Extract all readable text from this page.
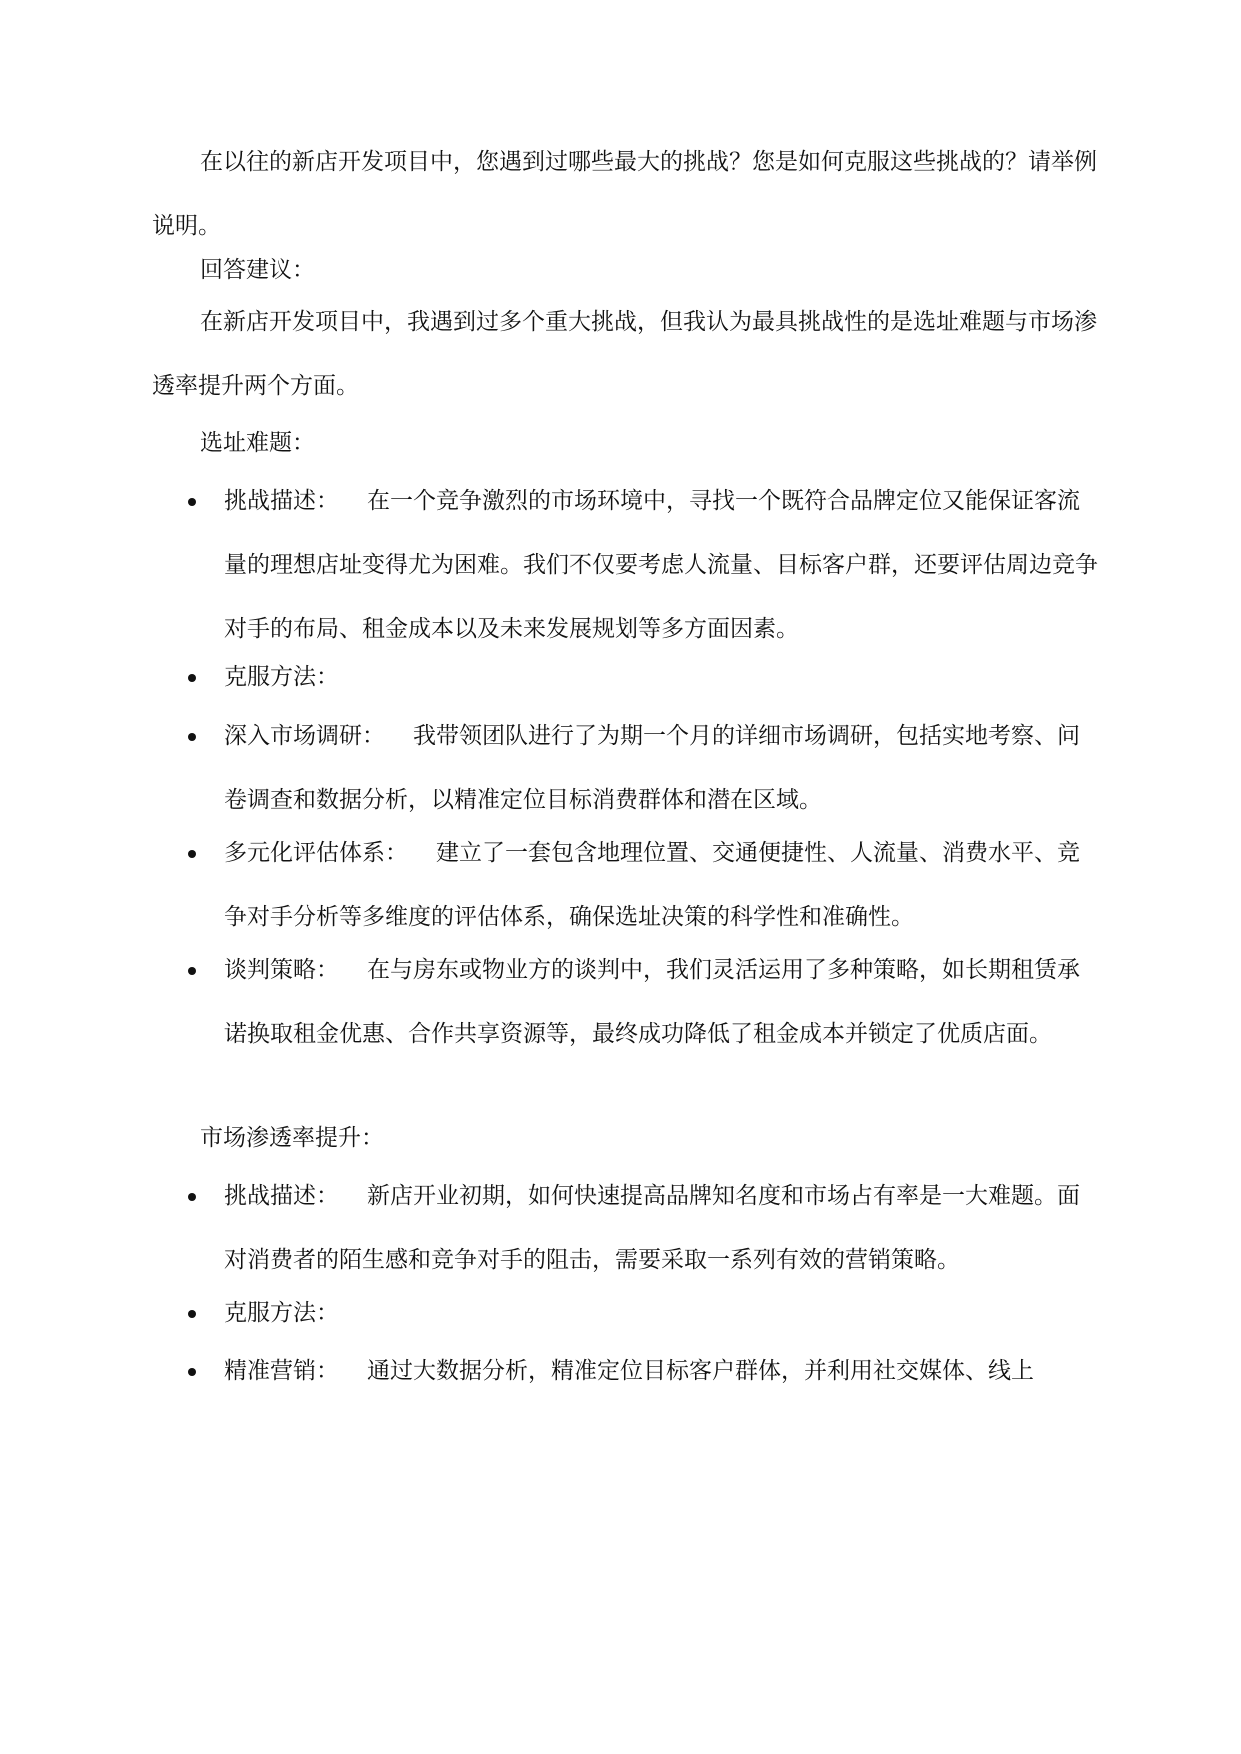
在以往的新店开发项目中，您遇到过哪些最大的挑战？您是如何克服这些挑战的？请举例说明。

回答建议：

在新店开发项目中，我遇到过多个重大挑战，但我认为最具挑战性的是选址难题与市场渗透率提升两个方面。

选址难题：

挑战描述： 在一个竞争激烈的市场环境中，寻找一个既符合品牌定位又能保证客流量的理想店址变得尤为困难。我们不仅要考虑人流量、目标客户群，还要评估周边竞争对手的布局、租金成本以及未来发展规划等多方面因素。

克服方法：

深入市场调研： 我带领团队进行了为期一个月的详细市场调研，包括实地考察、问卷调查和数据分析，以精准定位目标消费群体和潜在区域。

多元化评估体系： 建立了一套包含地理位置、交通便捷性、人流量、消费水平、竞争对手分析等多维度的评估体系，确保选址决策的科学性和准确性。

谈判策略： 在与房东或物业方的谈判中，我们灵活运用了多种策略，如长期租赁承诺换取租金优惠、合作共享资源等，最终成功降低了租金成本并锁定了优质店面。

市场渗透率提升：

挑战描述： 新店开业初期，如何快速提高品牌知名度和市场占有率是一大难题。面对消费者的陌生感和竞争对手的阻击，需要采取一系列有效的营销策略。

克服方法：

精准营销： 通过大数据分析，精准定位目标客户群体，并利用社交媒体、线上
